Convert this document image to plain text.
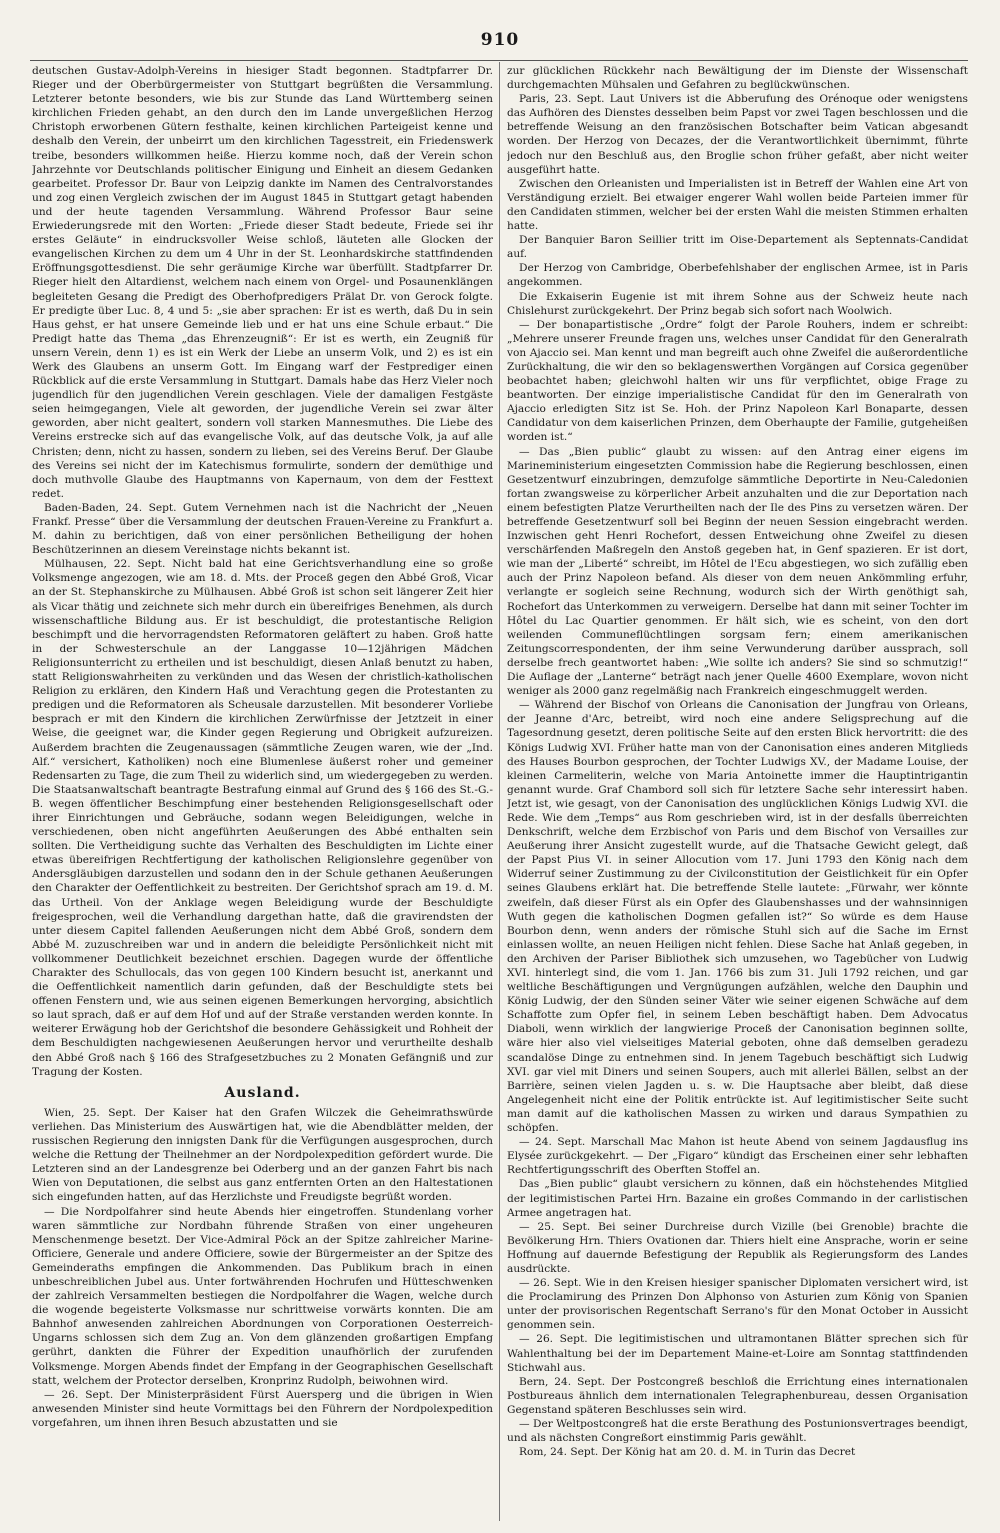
910

deutschen Gustav-Adolph-Vereins in hiesiger Stadt begonnen. Stadtpfarrer Dr. Rieger und der Oberbürgermeister von Stuttgart begrüßten die Versammlung. Letzterer betonte besonders, wie bis zur Stunde das Land Württemberg seinen kirchlichen Frieden gehabt, an den durch den im Lande unvergeßlichen Herzog Christoph erworbenen Gütern festhalte, keinen kirchlichen Parteigeist kenne und deshalb den Verein, der unbeirrt um den kirchlichen Tagesstreit, ein Friedenswerk treibe, besonders willkommen heiße. Hierzu komme noch, daß der Verein schon Jahrzehnte vor Deutschlands politischer Einigung und Einheit an diesem Gedanken gearbeitet. Professor Dr. Baur von Leipzig dankte im Namen des Centralvorstandes und zog einen Vergleich zwischen der im August 1845 in Stuttgart getagt habenden und der heute tagenden Versammlung. Während Professor Baur seine Erwiederungsrede mit den Worten: „Friede dieser Stadt bedeute, Friede sei ihr erstes Geläute“ in eindrucksvoller Weise schloß, läuteten alle Glocken der evangelischen Kirchen zu dem um 4 Uhr in der St. Leonhardskirche stattfindenden Eröffnungsgottesdienst. Die sehr geräumige Kirche war überfüllt. Stadtpfarrer Dr. Rieger hielt den Altardienst, welchem nach einem von Orgel- und Posaunenklängen begleiteten Gesang die Predigt des Oberhofpredigers Prälat Dr. von Gerock folgte. Er predigte über Luc. 8, 4 und 5: „sie aber sprachen: Er ist es werth, daß Du in sein Haus gehst, er hat unsere Gemeinde lieb und er hat uns eine Schule erbaut.“ Die Predigt hatte das Thema „das Ehrenzeugniß“: Er ist es werth, ein Zeugniß für unsern Verein, denn 1) es ist ein Werk der Liebe an unserm Volk, und 2) es ist ein Werk des Glaubens an unserm Gott. Im Eingang warf der Festprediger einen Rückblick auf die erste Versammlung in Stuttgart. Damals habe das Herz Vieler noch jugendlich für den jugendlichen Verein geschlagen. Viele der damaligen Festgäste seien heimgegangen, Viele alt geworden, der jugendliche Verein sei zwar älter geworden, aber nicht gealtert, sondern voll starken Mannesmuthes. Die Liebe des Vereins erstrecke sich auf das evangelische Volk, auf das deutsche Volk, ja auf alle Christen; denn, nicht zu hassen, sondern zu lieben, sei des Vereins Beruf. Der Glaube des Vereins sei nicht der im Katechismus formulirte, sondern der demüthige und doch muthvolle Glaube des Hauptmanns von Kapernaum, von dem der Festtext redet.

Baden-Baden, 24. Sept. Gutem Vernehmen nach ist die Nachricht der „Neuen Frankf. Presse“ über die Versammlung der deutschen Frauen-Vereine zu Frankfurt a. M. dahin zu berichtigen, daß von einer persönlichen Betheiligung der hohen Beschützerinnen an diesem Vereinstage nichts bekannt ist.

Mülhausen, 22. Sept. Nicht bald hat eine Gerichtsverhandlung eine so große Volksmenge angezogen, wie am 18. d. Mts. der Proceß gegen den Abbé Groß, Vicar an der St. Stephanskirche zu Mülhausen. Abbé Groß ist schon seit längerer Zeit hier als Vicar thätig und zeichnete sich mehr durch ein übereifriges Benehmen, als durch wissenschaftliche Bildung aus. Er ist beschuldigt, die protestantische Religion beschimpft und die hervorragendsten Reformatoren geläftert zu haben. Groß hatte in der Schwesterschule an der Langgasse 10—12jährigen Mädchen Religionsunterricht zu ertheilen und ist beschuldigt, diesen Anlaß benutzt zu haben, statt Religionswahrheiten zu verkünden und das Wesen der christlich-katholischen Religion zu erklären, den Kindern Haß und Verachtung gegen die Protestanten zu predigen und die Reformatoren als Scheusale darzustellen. Mit besonderer Vorliebe besprach er mit den Kindern die kirchlichen Zerwürfnisse der Jetztzeit in einer Weise, die geeignet war, die Kinder gegen Regierung und Obrigkeit aufzureizen. Außerdem brachten die Zeugenaussagen (sämmtliche Zeugen waren, wie der „Ind. Alf.“ versichert, Katholiken) noch eine Blumenlese äußerst roher und gemeiner Redensarten zu Tage, die zum Theil zu widerlich sind, um wiedergegeben zu werden. Die Staatsanwaltschaft beantragte Bestrafung einmal auf Grund des § 166 des St.-G.-B. wegen öffentlicher Beschimpfung einer bestehenden Religionsgesellschaft oder ihrer Einrichtungen und Gebräuche, sodann wegen Beleidigungen, welche in verschiedenen, oben nicht angeführten Aeußerungen des Abbé enthalten sein sollten. Die Vertheidigung suchte das Verhalten des Beschuldigten im Lichte einer etwas übereifrigen Rechtfertigung der katholischen Religionslehre gegenüber von Andersgläubigen darzustellen und sodann den in der Schule gethanen Aeußerungen den Charakter der Oeffentlichkeit zu bestreiten. Der Gerichtshof sprach am 19. d. M. das Urtheil. Von der Anklage wegen Beleidigung wurde der Beschuldigte freigesprochen, weil die Verhandlung dargethan hatte, daß die gravirendsten der unter diesem Capitel fallenden Aeußerungen nicht dem Abbé Groß, sondern dem Abbé M. zuzuschreiben war und in andern die beleidigte Persönlichkeit nicht mit vollkommener Deutlichkeit bezeichnet erschien. Dagegen wurde der öffentliche Charakter des Schullocals, das von gegen 100 Kindern besucht ist, anerkannt und die Oeffentlichkeit namentlich darin gefunden, daß der Beschuldigte stets bei offenen Fenstern und, wie aus seinen eigenen Bemerkungen hervorging, absichtlich so laut sprach, daß er auf dem Hof und auf der Straße verstanden werden konnte. In weiterer Erwägung hob der Gerichtshof die besondere Gehässigkeit und Rohheit der dem Beschuldigten nachgewiesenen Aeußerungen hervor und verurtheilte deshalb den Abbé Groß nach § 166 des Strafgesetzbuches zu 2 Monaten Gefängniß und zur Tragung der Kosten.

Ausland.

Wien, 25. Sept. Der Kaiser hat den Grafen Wilczek die Geheimrathswürde verliehen. Das Ministerium des Auswärtigen hat, wie die Abendblätter melden, der russischen Regierung den innigsten Dank für die Verfügungen ausgesprochen, durch welche die Rettung der Theilnehmer an der Nordpolexpedition gefördert wurde. Die Letzteren sind an der Landesgrenze bei Oderberg und an der ganzen Fahrt bis nach Wien von Deputationen, die selbst aus ganz entfernten Orten an den Haltestationen sich eingefunden hatten, auf das Herzlichste und Freudigste begrüßt worden.

— Die Nordpolfahrer sind heute Abends hier eingetroffen. Stundenlang vorher waren sämmtliche zur Nordbahn führende Straßen von einer ungeheuren Menschenmenge besetzt. Der Vice-Admiral Pöck an der Spitze zahlreicher Marine-Officiere, Generale und andere Officiere, sowie der Bürgermeister an der Spitze des Gemeinderaths empfingen die Ankommenden. Das Publikum brach in einen unbeschreiblichen Jubel aus. Unter fortwährenden Hochrufen und Hütteschwenken der zahlreich Versammelten bestiegen die Nordpolfahrer die Wagen, welche durch die wogende begeisterte Volksmasse nur schrittweise vorwärts konnten. Die am Bahnhof anwesenden zahlreichen Abordnungen von Corporationen Oesterreich-Ungarns schlossen sich dem Zug an. Von dem glänzenden großartigen Empfang gerührt, dankten die Führer der Expedition unaufhörlich der zurufenden Volksmenge. Morgen Abends findet der Empfang in der Geographischen Gesellschaft statt, welchem der Protector derselben, Kronprinz Rudolph, beiwohnen wird.

— 26. Sept. Der Ministerpräsident Fürst Auersperg und die übrigen in Wien anwesenden Minister sind heute Vormittags bei den Führern der Nordpolexpedition vorgefahren, um ihnen ihren Besuch abzustatten und sie

zur glücklichen Rückkehr nach Bewältigung der im Dienste der Wissenschaft durchgemachten Mühsalen und Gefahren zu beglückwünschen.

Paris, 23. Sept. Laut Univers ist die Abberufung des Orénoque oder wenigstens das Aufhören des Dienstes desselben beim Papst vor zwei Tagen beschlossen und die betreffende Weisung an den französischen Botschafter beim Vatican abgesandt worden. Der Herzog von Decazes, der die Verantwortlichkeit übernimmt, führte jedoch nur den Beschluß aus, den Broglie schon früher gefaßt, aber nicht weiter ausgeführt hatte.

Zwischen den Orleanisten und Imperialisten ist in Betreff der Wahlen eine Art von Verständigung erzielt. Bei etwaiger engerer Wahl wollen beide Parteien immer für den Candidaten stimmen, welcher bei der ersten Wahl die meisten Stimmen erhalten hatte.

Der Banquier Baron Seillier tritt im Oise-Departement als Septennats-Candidat auf.

Der Herzog von Cambridge, Oberbefehlshaber der englischen Armee, ist in Paris angekommen.

Die Exkaiserin Eugenie ist mit ihrem Sohne aus der Schweiz heute nach Chislehurst zurückgekehrt. Der Prinz begab sich sofort nach Woolwich.

— Der bonapartistische „Ordre“ folgt der Parole Rouhers, indem er schreibt: „Mehrere unserer Freunde fragen uns, welches unser Candidat für den Generalrath von Ajaccio sei. Man kennt und man begreift auch ohne Zweifel die außerordentliche Zurückhaltung, die wir den so beklagenswerthen Vorgängen auf Corsica gegenüber beobachtet haben; gleichwohl halten wir uns für verpflichtet, obige Frage zu beantworten. Der einzige imperialistische Candidat für den im Generalrath von Ajaccio erledigten Sitz ist Se. Hoh. der Prinz Napoleon Karl Bonaparte, dessen Candidatur von dem kaiserlichen Prinzen, dem Oberhaupte der Familie, gutgeheißen worden ist.“

— Das „Bien public“ glaubt zu wissen: auf den Antrag einer eigens im Marineministerium eingesetzten Commission habe die Regierung beschlossen, einen Gesetzentwurf einzubringen, demzufolge sämmtliche Deportirte in Neu-Caledonien fortan zwangsweise zu körperlicher Arbeit anzuhalten und die zur Deportation nach einem befestigten Platze Verurtheilten nach der Ile des Pins zu versetzen wären. Der betreffende Gesetzentwurf soll bei Beginn der neuen Session eingebracht werden. Inzwischen geht Henri Rochefort, dessen Entweichung ohne Zweifel zu diesen verschärfenden Maßregeln den Anstoß gegeben hat, in Genf spazieren. Er ist dort, wie man der „Liberté“ schreibt, im Hôtel de l'Ecu abgestiegen, wo sich zufällig eben auch der Prinz Napoleon befand. Als dieser von dem neuen Ankömmling erfuhr, verlangte er sogleich seine Rechnung, wodurch sich der Wirth genöthigt sah, Rochefort das Unterkommen zu verweigern. Derselbe hat dann mit seiner Tochter im Hôtel du Lac Quartier genommen. Er hält sich, wie es scheint, von den dort weilenden Communeflüchtlingen sorgsam fern; einem amerikanischen Zeitungscorrespondenten, der ihm seine Verwunderung darüber aussprach, soll derselbe frech geantwortet haben: „Wie sollte ich anders? Sie sind so schmutzig!“ Die Auflage der „Lanterne“ beträgt nach jener Quelle 4600 Exemplare, wovon nicht weniger als 2000 ganz regelmäßig nach Frankreich eingeschmuggelt werden.

— Während der Bischof von Orleans die Canonisation der Jungfrau von Orleans, der Jeanne d'Arc, betreibt, wird noch eine andere Seligsprechung auf die Tagesordnung gesetzt, deren politische Seite auf den ersten Blick hervortritt: die des Königs Ludwig XVI. Früher hatte man von der Canonisation eines anderen Mitglieds des Hauses Bourbon gesprochen, der Tochter Ludwigs XV., der Madame Louise, der kleinen Carmeliterin, welche von Maria Antoinette immer die Hauptintrigantin genannt wurde. Graf Chambord soll sich für letztere Sache sehr interessirt haben. Jetzt ist, wie gesagt, von der Canonisation des unglücklichen Königs Ludwig XVI. die Rede. Wie dem „Temps“ aus Rom geschrieben wird, ist in der desfalls überreichten Denkschrift, welche dem Erzbischof von Paris und dem Bischof von Versailles zur Aeußerung ihrer Ansicht zugestellt wurde, auf die Thatsache Gewicht gelegt, daß der Papst Pius VI. in seiner Allocution vom 17. Juni 1793 den König nach dem Widerruf seiner Zustimmung zu der Civilconstitution der Geistlichkeit für ein Opfer seines Glaubens erklärt hat. Die betreffende Stelle lautete: „Fürwahr, wer könnte zweifeln, daß dieser Fürst als ein Opfer des Glaubenshasses und der wahnsinnigen Wuth gegen die katholischen Dogmen gefallen ist?“ So würde es dem Hause Bourbon denn, wenn anders der römische Stuhl sich auf die Sache im Ernst einlassen wollte, an neuen Heiligen nicht fehlen. Diese Sache hat Anlaß gegeben, in den Archiven der Pariser Bibliothek sich umzusehen, wo Tagebücher von Ludwig XVI. hinterlegt sind, die vom 1. Jan. 1766 bis zum 31. Juli 1792 reichen, und gar weltliche Beschäftigungen und Vergnügungen aufzählen, welche den Dauphin und König Ludwig, der den Sünden seiner Väter wie seiner eigenen Schwäche auf dem Schaffotte zum Opfer fiel, in seinem Leben beschäftigt haben. Dem Advocatus Diaboli, wenn wirklich der langwierige Proceß der Canonisation beginnen sollte, wäre hier also viel vielseitiges Material geboten, ohne daß demselben geradezu scandalöse Dinge zu entnehmen sind. In jenem Tagebuch beschäftigt sich Ludwig XVI. gar viel mit Diners und seinen Soupers, auch mit allerlei Bällen, selbst an der Barrière, seinen vielen Jagden u. s. w. Die Hauptsache aber bleibt, daß diese Angelegenheit nicht eine der Politik entrückte ist. Auf legitimistischer Seite sucht man damit auf die katholischen Massen zu wirken und daraus Sympathien zu schöpfen.

— 24. Sept. Marschall Mac Mahon ist heute Abend von seinem Jagdausflug ins Elysée zurückgekehrt. — Der „Figaro“ kündigt das Erscheinen einer sehr lebhaften Rechtfertigungsschrift des Oberften Stoffel an.

Das „Bien public“ glaubt versichern zu können, daß ein höchstehendes Mitglied der legitimistischen Partei Hrn. Bazaine ein großes Commando in der carlistischen Armee angetragen hat.

— 25. Sept. Bei seiner Durchreise durch Vizille (bei Grenoble) brachte die Bevölkerung Hrn. Thiers Ovationen dar. Thiers hielt eine Ansprache, worin er seine Hoffnung auf dauernde Befestigung der Republik als Regierungsform des Landes ausdrückte.

— 26. Sept. Wie in den Kreisen hiesiger spanischer Diplomaten versichert wird, ist die Proclamirung des Prinzen Don Alphonso von Asturien zum König von Spanien unter der provisorischen Regentschaft Serrano's für den Monat October in Aussicht genommen sein.

— 26. Sept. Die legitimistischen und ultramontanen Blätter sprechen sich für Wahlenthaltung bei der im Departement Maine-et-Loire am Sonntag stattfindenden Stichwahl aus.

Bern, 24. Sept. Der Postcongreß beschloß die Errichtung eines internationalen Postbureaus ähnlich dem internationalen Telegraphenbureau, dessen Organisation Gegenstand späteren Beschlusses sein wird.

— Der Weltpostcongreß hat die erste Berathung des Postunionsvertrages beendigt, und als nächsten Congreßort einstimmig Paris gewählt.

Rom, 24. Sept. Der König hat am 20. d. M. in Turin das Decret
